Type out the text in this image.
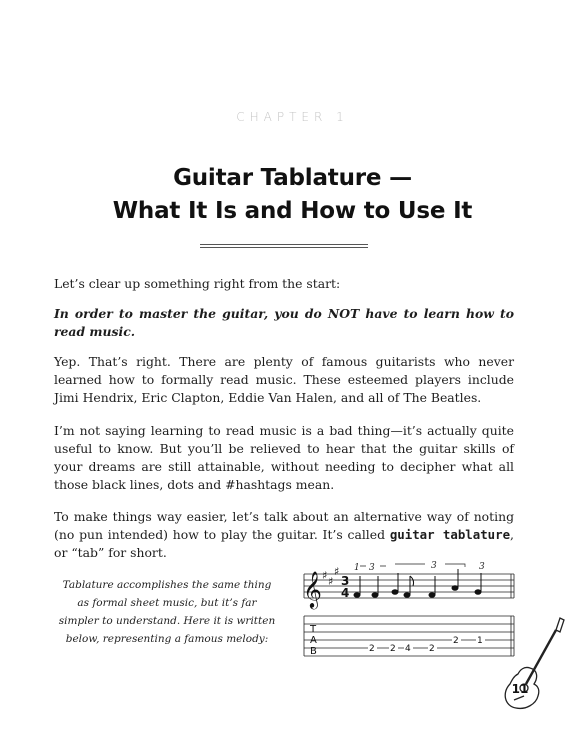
CHAPTER 1
Guitar Tablature —
What It Is and How to Use It

Let’s clear up something right from the start:

In order to master the guitar, you do NOT have to learn how to read music.

Yep. That’s right. There are plenty of famous guitarists who never learned how to formally read music. These esteemed players include Jimi Hendrix, Eric Clapton, Eddie Van Halen, and all of The Beatles.

I’m not saying learning to read music is a bad thing—it’s actually quite useful to know. But you’ll be relieved to hear that the guitar skills of your dreams are still attainable, without needing to decipher what all those black lines, dots and #hashtags mean.

To make things way easier, let’s talk about an alternative way of noting (no pun intended) how to play the guitar. It’s called guitar tablature, or “tab” for short.

Tablature accomplishes the same thing as formal sheet music, but it’s far simpler to understand. Here it is written below, representing a famous melody:
𝄞 ♯ ♯
♯
3
4
1 3	3	3
T
A
B	2 2 4 2
2 1
11
